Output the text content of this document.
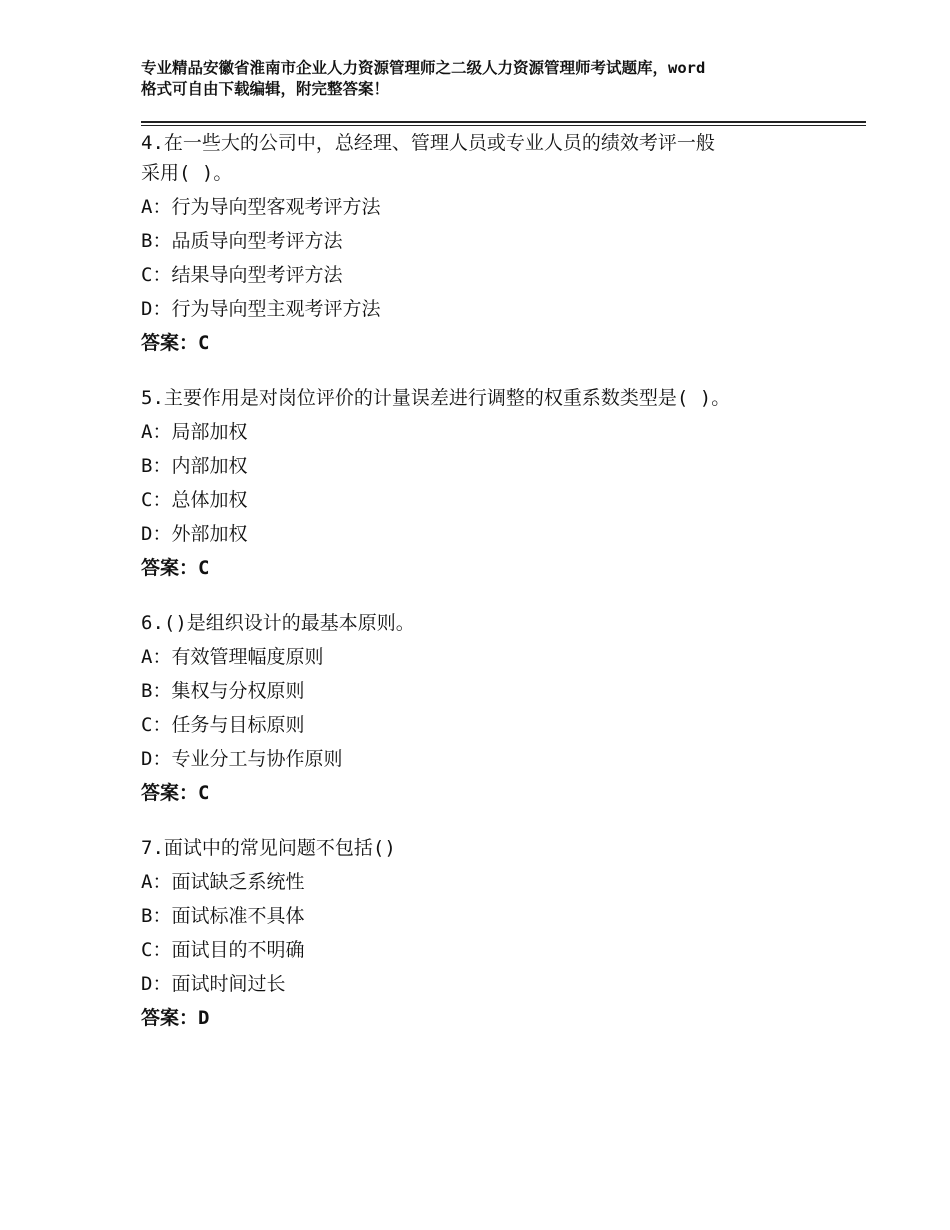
专业精品安徽省淮南市企业人力资源管理师之二级人力资源管理师考试题库，word

格式可自由下载编辑，附完整答案！

4.在一些大的公司中，总经理、管理人员或专业人员的绩效考评一般
采用( )。
A：行为导向型客观考评方法
B：品质导向型考评方法
C：结果导向型考评方法
D：行为导向型主观考评方法
答案：C
5.主要作用是对岗位评价的计量误差进行调整的权重系数类型是( )。
A：局部加权
B：内部加权
C：总体加权
D：外部加权
答案：C
6.()是组织设计的最基本原则。
A：有效管理幅度原则
B：集权与分权原则
C：任务与目标原则
D：专业分工与协作原则
答案：C
7.面试中的常见问题不包括()
A：面试缺乏系统性
B：面试标准不具体
C：面试目的不明确
D：面试时间过长
答案：D
